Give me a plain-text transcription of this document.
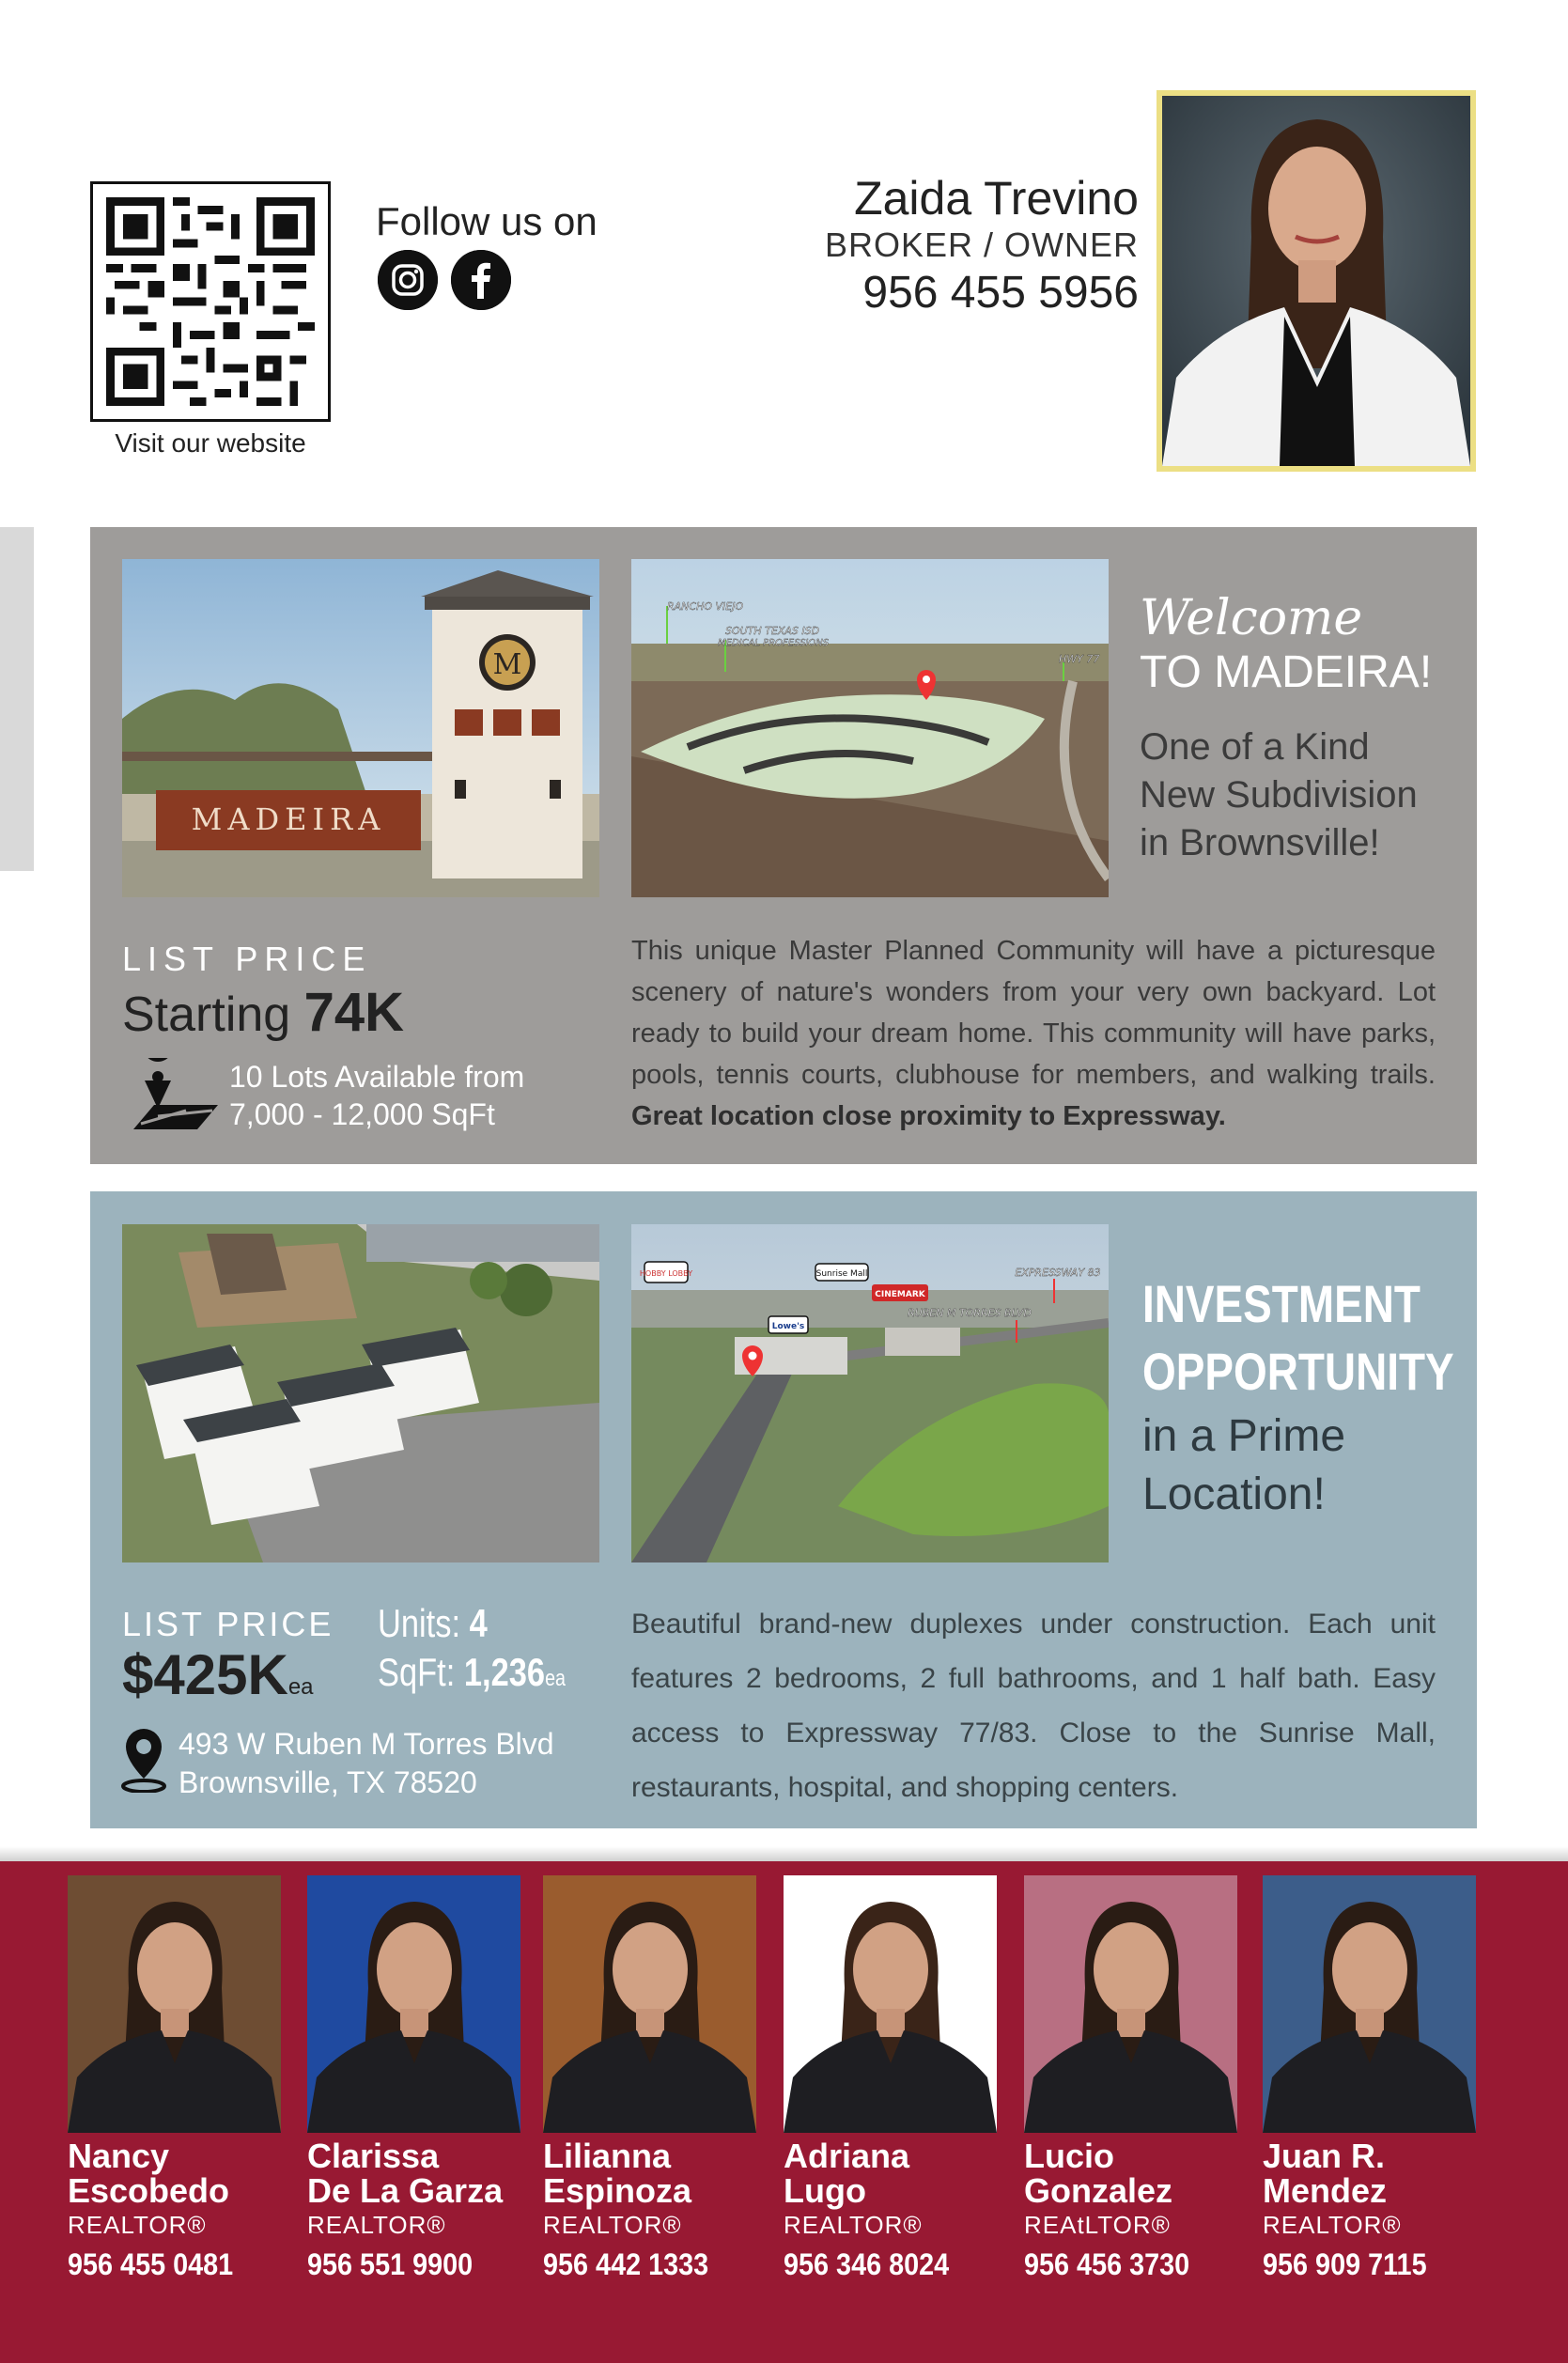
Visit our website
Follow us on	Zaida Trevino
BROKER / OWNER
956 455 5956
MADEIRA
M
RANCHO VIEJO
SOUTH TEXAS ISD
MEDICAL PROFESSIONS
HWY 77
Welcome
TO MADEIRA!
One of a Kind
New Subdivision
in Brownsville!
LIST PRICE
Starting 74K
10 Lots Available from
7,000 - 12,000 SqFt
This unique Master Planned Community will have a picturesque scenery of nature's wonders from your very own backyard. Lot ready to build your dream home. This community will have parks, pools, tennis courts, clubhouse for members, and walking trails. Great location close proximity to Expressway.
HOBBY LOBBY	Sunrise Mall
CINEMARK
Lowe's
EXPRESSWAY 83
RUBEN M TORRES BLVD INVESTMENT
OPPORTUNITY
in a Prime
Location!
LIST PRICE
$425Kea
Units: 4
SqFt: 1,236ea
493 W Ruben M Torres Blvd
Brownsville, TX 78520
Beautiful brand-new duplexes under construction. Each unit features 2 bedrooms, 2 full bathrooms, and 1 half bath. Easy access to Expressway 77/83. Close to the Sunrise Mall, restaurants, hospital, and shopping centers.
Nancy
Escobedo
REALTOR®
956 455 0481
Clarissa
De La Garza
REALTOR®
956 551 9900
Lilianna
Espinoza
REALTOR®
956 442 1333
Adriana
Lugo
REALTOR®
956 346 8024
Lucio
Gonzalez
REAtLTOR®
956 456 3730
Juan R.
Mendez
REALTOR®
956 909 7115
